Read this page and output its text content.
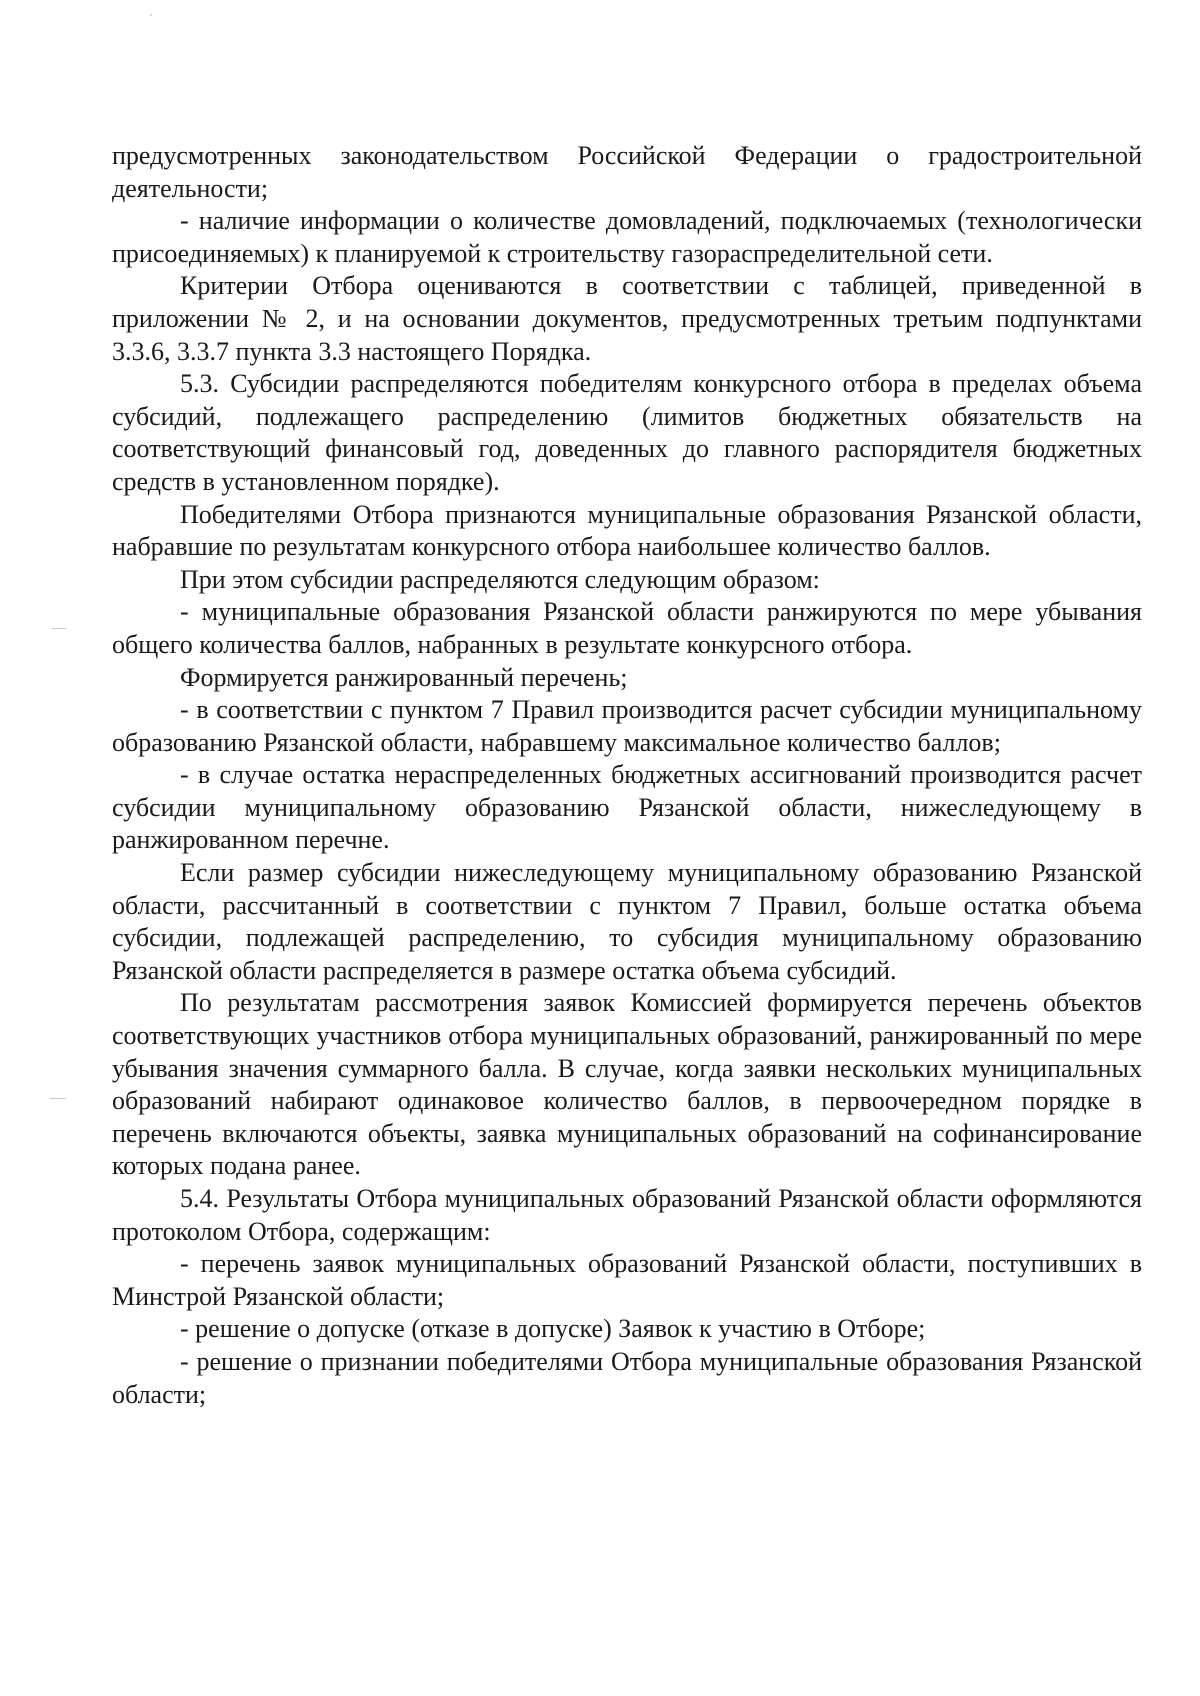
предусмотренных законодательством Российской Федерации о градостроительной деятельности;

- наличие информации о количестве домовладений, подключаемых (технологически присоединяемых) к планируемой к строительству газораспределительной сети.

Критерии Отбора оцениваются в соответствии с таблицей, приведенной в приложении № 2, и на основании документов, предусмотренных третьим подпунктами 3.3.6, 3.3.7 пункта 3.3 настоящего Порядка.

5.3. Субсидии распределяются победителям конкурсного отбора в пределах объема субсидий, подлежащего распределению (лимитов бюджетных обязательств на соответствующий финансовый год, доведенных до главного распорядителя бюджетных средств в установленном порядке).

Победителями Отбора признаются муниципальные образования Рязанской области, набравшие по результатам конкурсного отбора наибольшее количество баллов.

При этом субсидии распределяются следующим образом:

- муниципальные образования Рязанской области ранжируются по мере убывания общего количества баллов, набранных в результате конкурсного отбора.

Формируется ранжированный перечень;

- в соответствии с пунктом 7 Правил производится расчет субсидии муниципальному образованию Рязанской области, набравшему максимальное количество баллов;

- в случае остатка нераспределенных бюджетных ассигнований производится расчет субсидии муниципальному образованию Рязанской области, нижеследующему в ранжированном перечне.

Если размер субсидии нижеследующему муниципальному образованию Рязанской области, рассчитанный в соответствии с пунктом 7 Правил, больше остатка объема субсидии, подлежащей распределению, то субсидия муниципальному образованию Рязанской области распределяется в размере остатка объема субсидий.

По результатам рассмотрения заявок Комиссией формируется перечень объектов соответствующих участников отбора муниципальных образований, ранжированный по мере убывания значения суммарного балла. В случае, когда заявки нескольких муниципальных образований набирают одинаковое количество баллов, в первоочередном порядке в перечень включаются объекты, заявка муниципальных образований на софинансирование которых подана ранее.

5.4. Результаты Отбора муниципальных образований Рязанской области оформляются протоколом Отбора, содержащим:

- перечень заявок муниципальных образований Рязанской области, поступивших в Минстрой Рязанской области;

- решение о допуске (отказе в допуске) Заявок к участию в Отборе;

- решение о признании победителями Отбора муниципальные образования Рязанской области;
